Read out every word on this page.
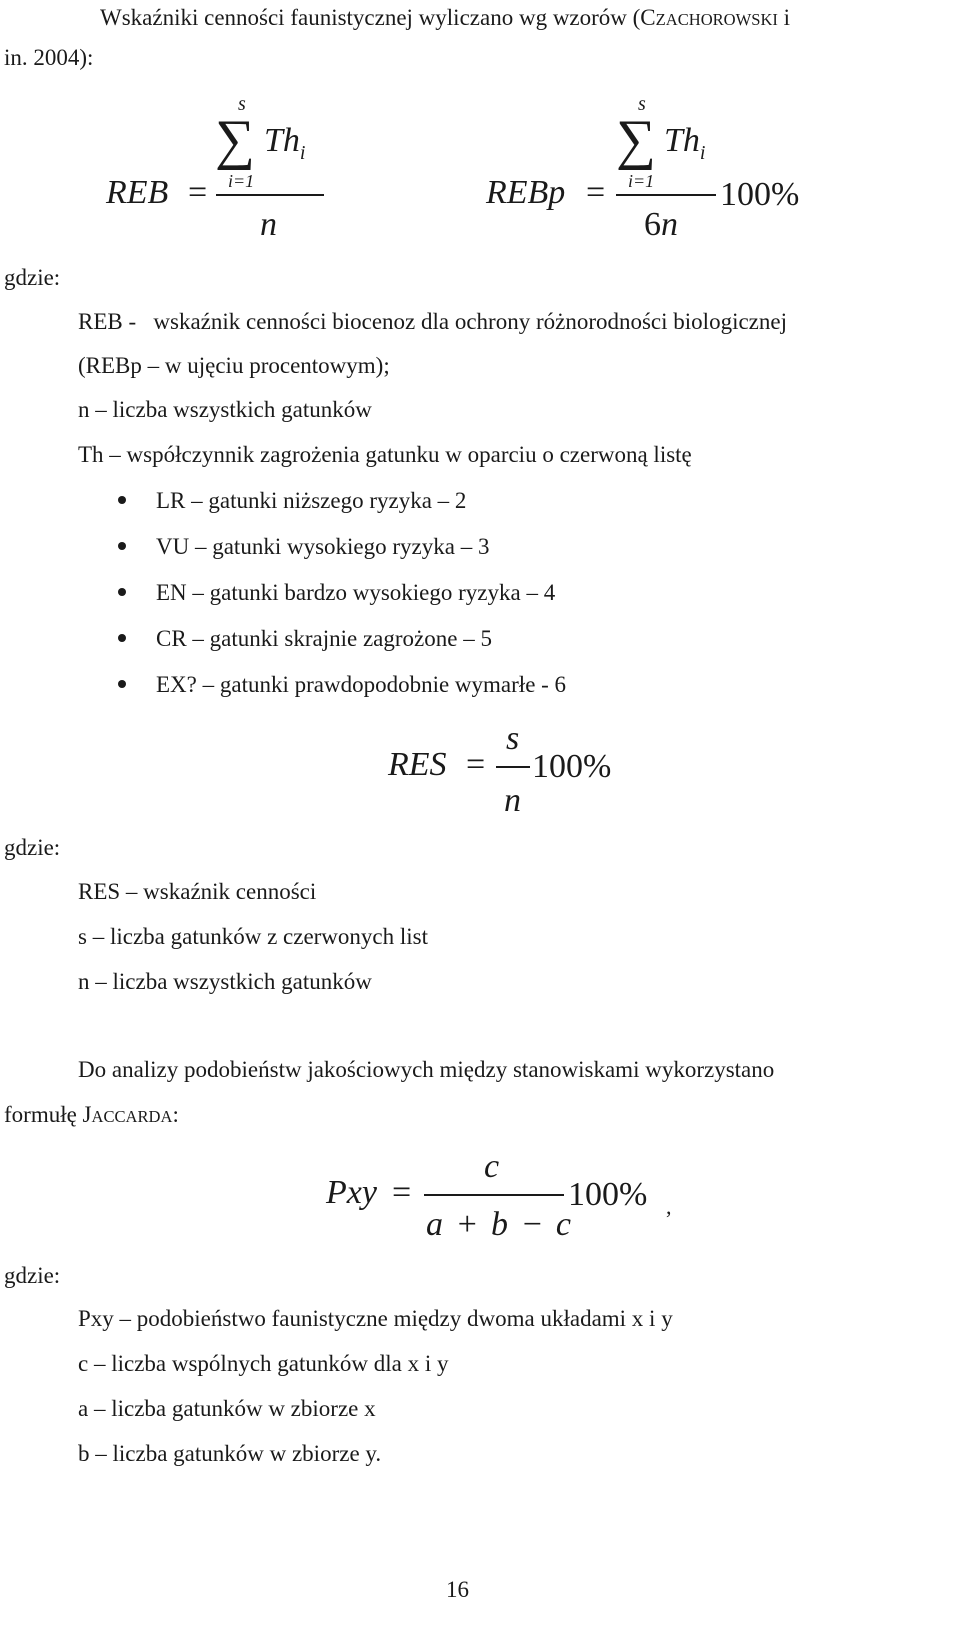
Wskaźniki cenności faunistycznej wyliczano wg wzorów (CZACHOROWSKI i
in. 2004):
REB =
s
∑ $Th_i$
i=1
n
REBp =
s
∑ $Th_i$
i=1
6n
100%
gdzie:
REB -   wskaźnik cenności biocenoz dla ochrony różnorodności biologicznej
(REBp – w ujęciu procentowym);
n – liczba wszystkich gatunków
Th – współczynnik zagrożenia gatunku w oparciu o czerwoną listę
LR – gatunki niższego ryzyka – 2
VU – gatunki wysokiego ryzyka – 3
EN – gatunki bardzo wysokiego ryzyka – 4
CR – gatunki skrajnie zagrożone – 5
EX? – gatunki prawdopodobnie wymarłe - 6
RES =
s
n
100%
gdzie:
RES – wskaźnik cenności
s – liczba gatunków z czerwonych list
n – liczba wszystkich gatunków
Do analizy podobieństw jakościowych między stanowiskami wykorzystano
formułę JACCARDA:
Pxy =
c
a + b − c
100% ,
gdzie:
Pxy – podobieństwo faunistyczne między dwoma układami x i y
c – liczba wspólnych gatunków dla x i y
a – liczba gatunków w zbiorze x
b – liczba gatunków w zbiorze y.
16
